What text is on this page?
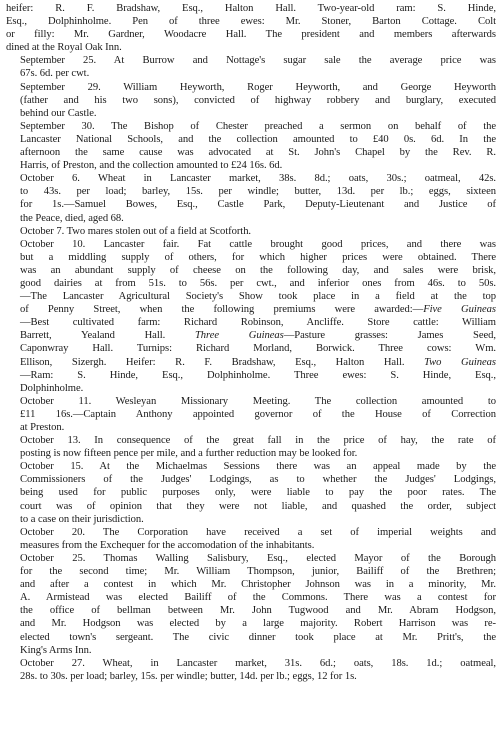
heifer: R. F. Bradshaw, Esq., Halton Hall. Two-year-old ram: S. Hinde,
Esq., Dolphinholme. Pen of three ewes: Mr. Stoner, Barton Cottage. Colt
or filly: Mr. Gardner, Woodacre Hall. The president and members afterwards
dined at the Royal Oak Inn.

September 25. At Burrow and Nottage's sugar sale the average price was
67s. 6d. per cwt.

September 29. William Heyworth, Roger Heyworth, and George Heyworth
(father and his two sons), convicted of highway robbery and burglary, executed
behind our Castle.

September 30. The Bishop of Chester preached a sermon on behalf of the
Lancaster National Schools, and the collection amounted to £40 0s. 6d. In the
afternoon the same cause was advocated at St. John's Chapel by the Rev. R.
Harris, of Preston, and the collection amounted to £24 16s. 6d.

October 6. Wheat in Lancaster market, 38s. 8d.; oats, 30s.; oatmeal, 42s.
to 43s. per load; barley, 15s. per windle; butter, 13d. per lb.; eggs, sixteen
for 1s.—Samuel Bowes, Esq., Castle Park, Deputy-Lieutenant and Justice of
the Peace, died, aged 68.

October 7. Two mares stolen out of a field at Scotforth.

October 10. Lancaster fair. Fat cattle brought good prices, and there was
but a middling supply of others, for which higher prices were obtained. There
was an abundant supply of cheese on the following day, and sales were brisk,
good dairies at from 51s. to 56s. per cwt., and inferior ones from 46s. to 50s.
—The Lancaster Agricultural Society's Show took place in a field at the top
of Penny Street, when the following premiums were awarded:—Five Guineas
—Best cultivated farm: Richard Robinson, Ancliffe. Store cattle: William
Barrett, Yealand Hall. Three Guineas—Pasture grasses: James Seed,
Caponwray Hall. Turnips: Richard Morland, Borwick. Three cows: Wm.
Ellison, Sizergh. Heifer: R. F. Bradshaw, Esq., Halton Hall. Two Guineas
—Ram: S. Hinde, Esq., Dolphinholme. Three ewes: S. Hinde, Esq.,
Dolphinholme.

October 11. Wesleyan Missionary Meeting. The collection amounted to
£11 16s.—Captain Anthony appointed governor of the House of Correction
at Preston.

October 13. In consequence of the great fall in the price of hay, the rate of
posting is now fifteen pence per mile, and a further reduction may be looked for.

October 15. At the Michaelmas Sessions there was an appeal made by the
Commissioners of the Judges' Lodgings, as to whether the Judges' Lodgings,
being used for public purposes only, were liable to pay the poor rates. The
court was of opinion that they were not liable, and quashed the order, subject
to a case on their jurisdiction.

October 20. The Corporation have received a set of imperial weights and
measures from the Exchequer for the accomodation of the inhabitants.

October 25. Thomas Walling Salisbury, Esq., elected Mayor of the Borough
for the second time; Mr. William Thompson, junior, Bailiff of the Brethren;
and after a contest in which Mr. Christopher Johnson was in a minority, Mr.
A. Armistead was elected Bailiff of the Commons. There was a contest for
the office of bellman between Mr. John Tugwood and Mr. Abram Hodgson,
and Mr. Hodgson was elected by a large majority. Robert Harrison was re-
elected town's sergeant. The civic dinner took place at Mr. Pritt's, the
King's Arms Inn.

October 27. Wheat, in Lancaster market, 31s. 6d.; oats, 18s. 1d.; oatmeal,
28s. to 30s. per load; barley, 15s. per windle; butter, 14d. per lb.; eggs, 12 for 1s.
